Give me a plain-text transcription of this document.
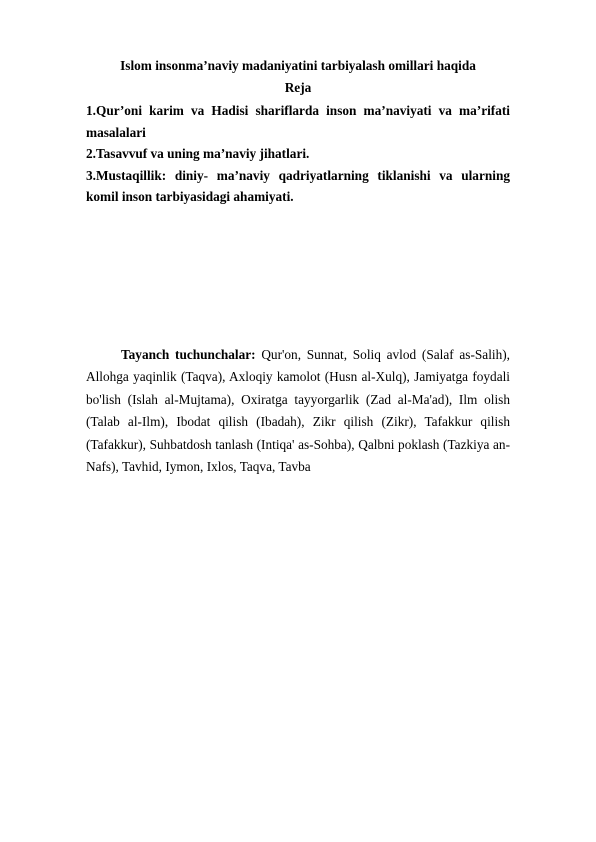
Islom insonma’naviy madaniyatini tarbiyalash omillari haqida

Reja

1.Qur’oni karim va Hadisi shariflarda inson ma’naviyati va ma’rifati masalalari
2.Tasavvuf va uning ma’naviy jihatlari.
3.Mustaqillik: diniy- ma’naviy qadriyatlarning tiklanishi va ularning komil inson tarbiyasidagi ahamiyati.

Tayanch tuchunchalar: Qur'on, Sunnat, Soliq avlod (Salaf as-Salih), Allohga yaqinlik (Taqva), Axloqiy kamolot (Husn al-Xulq), Jamiyatga foydali bo'lish (Islah al-Mujtama), Oxiratga tayyorgarlik (Zad al-Ma'ad), Ilm olish (Talab al-Ilm), Ibodat qilish (Ibadah), Zikr qilish (Zikr), Tafakkur qilish (Tafakkur), Suhbatdosh tanlash (Intiqa' as-Sohba), Qalbni poklash (Tazkiya an-Nafs), Tavhid, Iymon, Ixlos, Taqva, Tavba
